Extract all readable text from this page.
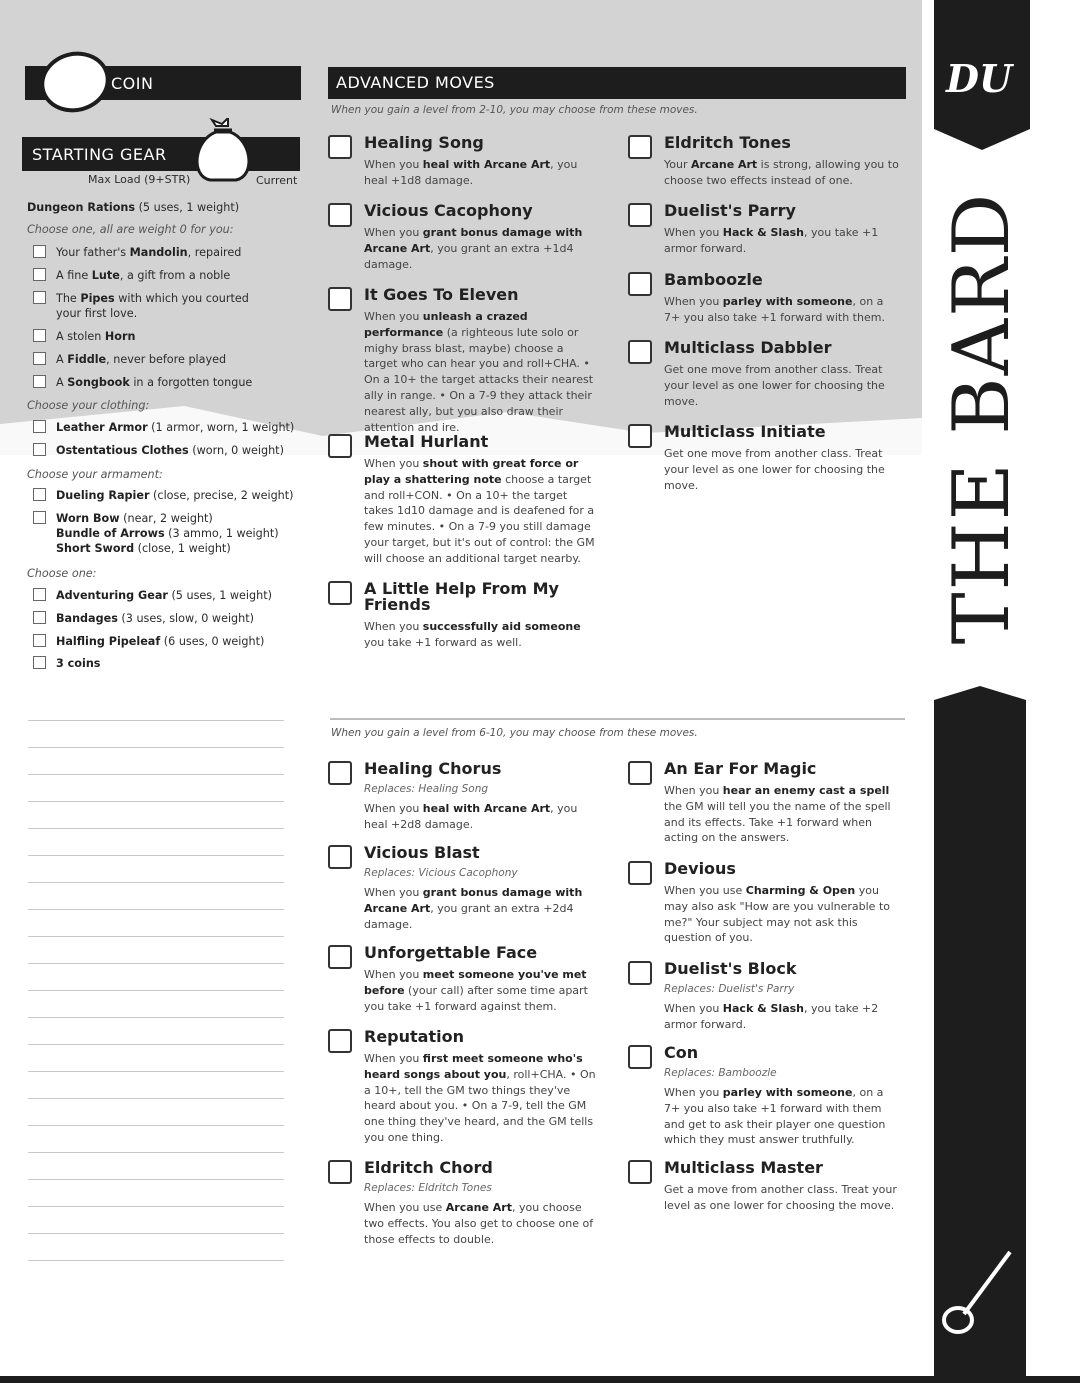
COIN
STARTING GEAR
Max Load (9+STR)	Current
Dungeon Rations (5 uses, 1 weight)
Choose one, all are weight 0 for you:
Your father's Mandolin, repaired
A fine Lute, a gift from a noble
The Pipes with which you courted your first love.
A stolen Horn
A Fiddle, never before played
A Songbook in a forgotten tongue
Choose your clothing:
Leather Armor (1 armor, worn, 1 weight)
Ostentatious Clothes (worn, 0 weight)
Choose your armament:
Dueling Rapier (close, precise, 2 weight)
Worn Bow (near, 2 weight)
Bundle of Arrows (3 ammo, 1 weight)
Short Sword (close, 1 weight)
Choose one:
Adventuring Gear (5 uses, 1 weight)
Bandages (3 uses, slow, 0 weight)
Halfling Pipeleaf (6 uses, 0 weight)
3 coins
ADVANCED MOVES
When you gain a level from 2-10, you may choose from these moves.
When you gain a level from 6-10, you may choose from these moves.
Healing Song
When you heal with Arcane Art, you heal +1d8 damage.
Vicious Cacophony
When you grant bonus damage with Arcane Art, you grant an extra +1d4 damage.
It Goes To Eleven
When you unleash a crazed performance (a righteous lute solo or mighy brass blast, maybe) choose a target who can hear you and roll+CHA. • On a 10+ the target attacks their nearest ally in range. • On a 7-9 they attack their nearest ally, but you also draw their attention and ire.
Metal Hurlant
When you shout with great force or play a shattering note choose a target and roll+CON. • On a 10+ the target takes 1d10 damage and is deafened for a few minutes. • On a 7-9 you still damage your target, but it's out of control: the GM will choose an additional target nearby.
A Little Help From My Friends
When you successfully aid someone you take +1 forward as well.
Eldritch Tones
Your Arcane Art is strong, allowing you to choose two effects instead of one.
Duelist's Parry
When you Hack & Slash, you take +1 armor forward.
Bamboozle
When you parley with someone, on a 7+ you also take +1 forward with them.
Multiclass Dabbler
Get one move from another class. Treat your level as one lower for choosing the move.
Multiclass Initiate
Get one move from another class. Treat your level as one lower for choosing the move.
Healing Chorus
Replaces: Healing Song
When you heal with Arcane Art, you heal +2d8 damage.
Vicious Blast
Replaces: Vicious Cacophony
When you grant bonus damage with Arcane Art, you grant an extra +2d4 damage.
Unforgettable Face
When you meet someone you've met before (your call) after some time apart you take +1 forward against them.
Reputation
When you first meet someone who's heard songs about you, roll+CHA. • On a 10+, tell the GM two things they've heard about you. • On a 7-9, tell the GM one thing they've heard, and the GM tells you one thing.
Eldritch Chord
Replaces: Eldritch Tones
When you use Arcane Art, you choose two effects. You also get to choose one of those effects to double.
An Ear For Magic
When you hear an enemy cast a spell the GM will tell you the name of the spell and its effects. Take +1 forward when acting on the answers.
Devious
When you use Charming & Open you may also ask "How are you vulnerable to me?" Your subject may not ask this question of you.
Duelist's Block
Replaces: Duelist's Parry
When you Hack & Slash, you take +2 armor forward.
Con
Replaces: Bamboozle
When you parley with someone, on a 7+ you also take +1 forward with them and get to ask their player one question which they must answer truthfully.
Multiclass Master
Get a move from another class. Treat your level as one lower for choosing the move.
DU
THE BARD
